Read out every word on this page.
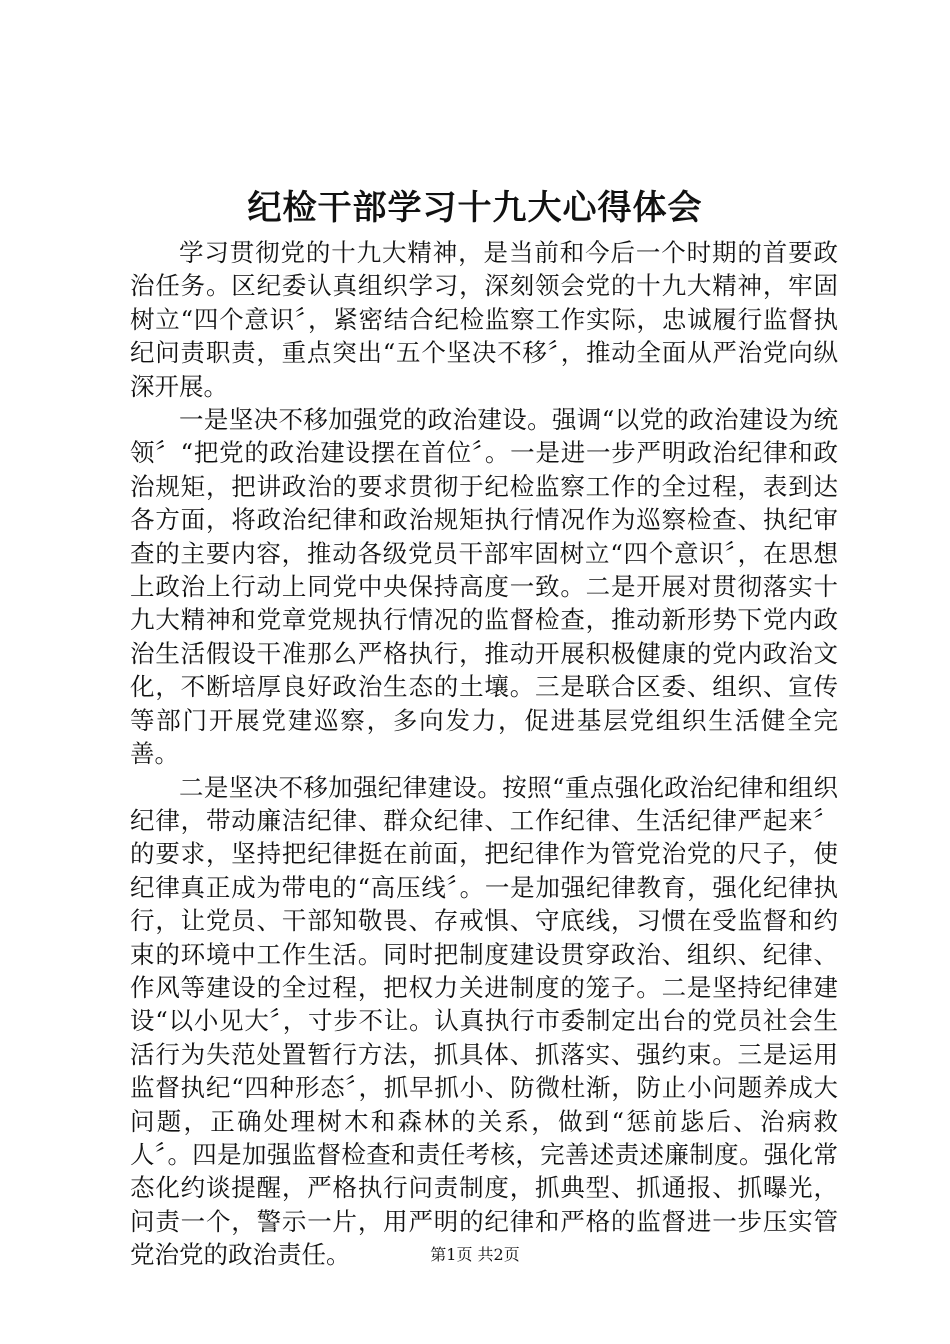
纪检干部学习十九大心得体会

学习贯彻党的十九大精神，是当前和今后一个时期的首要政治任务。区纪委认真组织学习，深刻领会党的十九大精神，牢固树立“四个意识〞，紧密结合纪检监察工作实际，忠诚履行监督执纪问责职责，重点突出“五个坚决不移〞，推动全面从严治党向纵深开展。

一是坚决不移加强党的政治建设。强调“以党的政治建设为统领〞“把党的政治建设摆在首位〞。一是进一步严明政治纪律和政治规矩，把讲政治的要求贯彻于纪检监察工作的全过程，表到达各方面，将政治纪律和政治规矩执行情况作为巡察检查、执纪审查的主要内容，推动各级党员干部牢固树立“四个意识〞，在思想上政治上行动上同党中央保持高度一致。二是开展对贯彻落实十九大精神和党章党规执行情况的监督检查，推动新形势下党内政治生活假设干准那么严格执行，推动开展积极健康的党内政治文化，不断培厚良好政治生态的土壤。三是联合区委、组织、宣传等部门开展党建巡察，多向发力，促进基层党组织生活健全完善。

二是坚决不移加强纪律建设。按照“重点强化政治纪律和组织纪律，带动廉洁纪律、群众纪律、工作纪律、生活纪律严起来〞的要求，坚持把纪律挺在前面，把纪律作为管党治党的尺子，使纪律真正成为带电的“高压线〞。一是加强纪律教育，强化纪律执行，让党员、干部知敬畏、存戒惧、守底线，习惯在受监督和约束的环境中工作生活。同时把制度建设贯穿政治、组织、纪律、作风等建设的全过程，把权力关进制度的笼子。二是坚持纪律建设“以小见大〞，寸步不让。认真执行市委制定出台的党员社会生活行为失范处置暂行方法，抓具体、抓落实、强约束。三是运用监督执纪“四种形态〞，抓早抓小、防微杜渐，防止小问题养成大问题，正确处理树木和森林的关系，做到“惩前毖后、治病救人〞。四是加强监督检查和责任考核，完善述责述廉制度。强化常态化约谈提醒，严格执行问责制度，抓典型、抓通报、抓曝光，问责一个，警示一片，用严明的纪律和严格的监督进一步压实管党治党的政治责任。	第1页 共2页
